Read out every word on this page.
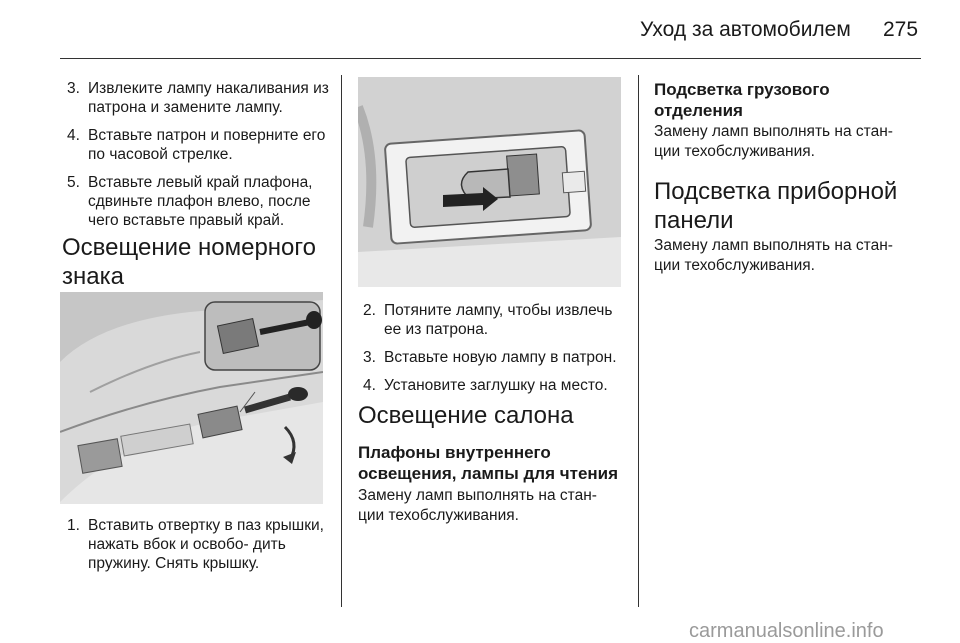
Уход за автомобилем 275
3. Извлеките лампу накаливания из патрона и замените лампу.
4. Вставьте патрон и поверните его по часовой стрелке.
5. Вставьте левый край плафона, сдвиньте плафон влево, после чего вставьте правый край.
Освещение номерного знака
1. Вставить отвертку в паз крышки, нажать вбок и освобо- дить пружину. Снять крышку.
2. Потяните лампу, чтобы извлечь ее из патрона.
3. Вставьте новую лампу в патрон.
4. Установите заглушку на место.
Освещение салона
Плафоны внутреннего освещения, лампы для чтения

Замену ламп выполнять на стан- ции техобслуживания.

Подсветка грузового отделения

Замену ламп выполнять на стан- ции техобслуживания.

Подсветка приборной панели

Замену ламп выполнять на стан- ции техобслуживания.

carmanualsonline.info
